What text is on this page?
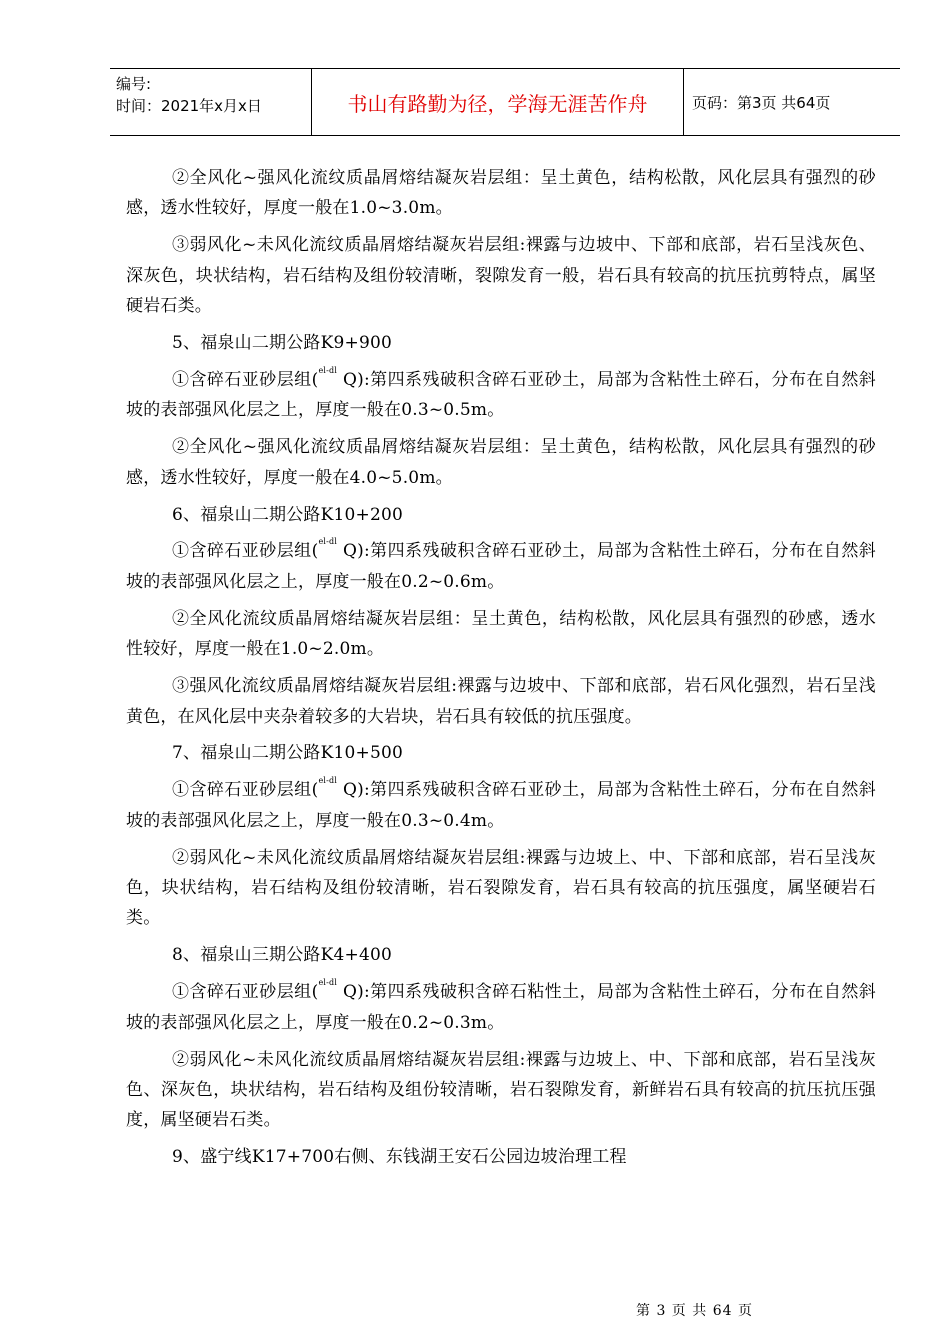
编号:
时间：2021年x月x日	书山有路勤为径，学海无涯苦作舟	页码：第3页 共64页

②全风化~强风化流纹质晶屑熔结凝灰岩层组：呈土黄色，结构松散，风化层具有强烈的砂感，透水性较好，厚度一般在1.0~3.0m。

③弱风化~未风化流纹质晶屑熔结凝灰岩层组:裸露与边坡中、下部和底部，岩石呈浅灰色、深灰色，块状结构，岩石结构及组份较清晰，裂隙发育一般，岩石具有较高的抗压抗剪特点，属坚硬岩石类。

5、福泉山二期公路K9+900

①含碎石亚砂层组($^{el-dl}$ Q):第四系残破积含碎石亚砂土，局部为含粘性土碎石，分布在自然斜坡的表部强风化层之上，厚度一般在0.3~0.5m。

②全风化~强风化流纹质晶屑熔结凝灰岩层组：呈土黄色，结构松散，风化层具有强烈的砂感，透水性较好，厚度一般在4.0~5.0m。

6、福泉山二期公路K10+200

①含碎石亚砂层组($^{el-dl}$ Q):第四系残破积含碎石亚砂土，局部为含粘性土碎石，分布在自然斜坡的表部强风化层之上，厚度一般在0.2~0.6m。

②全风化流纹质晶屑熔结凝灰岩层组：呈土黄色，结构松散，风化层具有强烈的砂感，透水性较好，厚度一般在1.0~2.0m。

③强风化流纹质晶屑熔结凝灰岩层组:裸露与边坡中、下部和底部，岩石风化强烈，岩石呈浅黄色，在风化层中夹杂着较多的大岩块，岩石具有较低的抗压强度。

7、福泉山二期公路K10+500

①含碎石亚砂层组($^{el-dl}$ Q):第四系残破积含碎石亚砂土，局部为含粘性土碎石，分布在自然斜坡的表部强风化层之上，厚度一般在0.3~0.4m。

②弱风化~未风化流纹质晶屑熔结凝灰岩层组:裸露与边坡上、中、下部和底部，岩石呈浅灰色，块状结构，岩石结构及组份较清晰，岩石裂隙发育，岩石具有较高的抗压强度，属坚硬岩石类。

8、福泉山三期公路K4+400

①含碎石亚砂层组($^{el-dl}$ Q):第四系残破积含碎石粘性土，局部为含粘性土碎石，分布在自然斜坡的表部强风化层之上，厚度一般在0.2~0.3m。

②弱风化~未风化流纹质晶屑熔结凝灰岩层组:裸露与边坡上、中、下部和底部，岩石呈浅灰色、深灰色，块状结构，岩石结构及组份较清晰，岩石裂隙发育，新鲜岩石具有较高的抗压抗压强度，属坚硬岩石类。

9、盛宁线K17+700右侧、东钱湖王安石公园边坡治理工程

第 3 页 共 64 页
